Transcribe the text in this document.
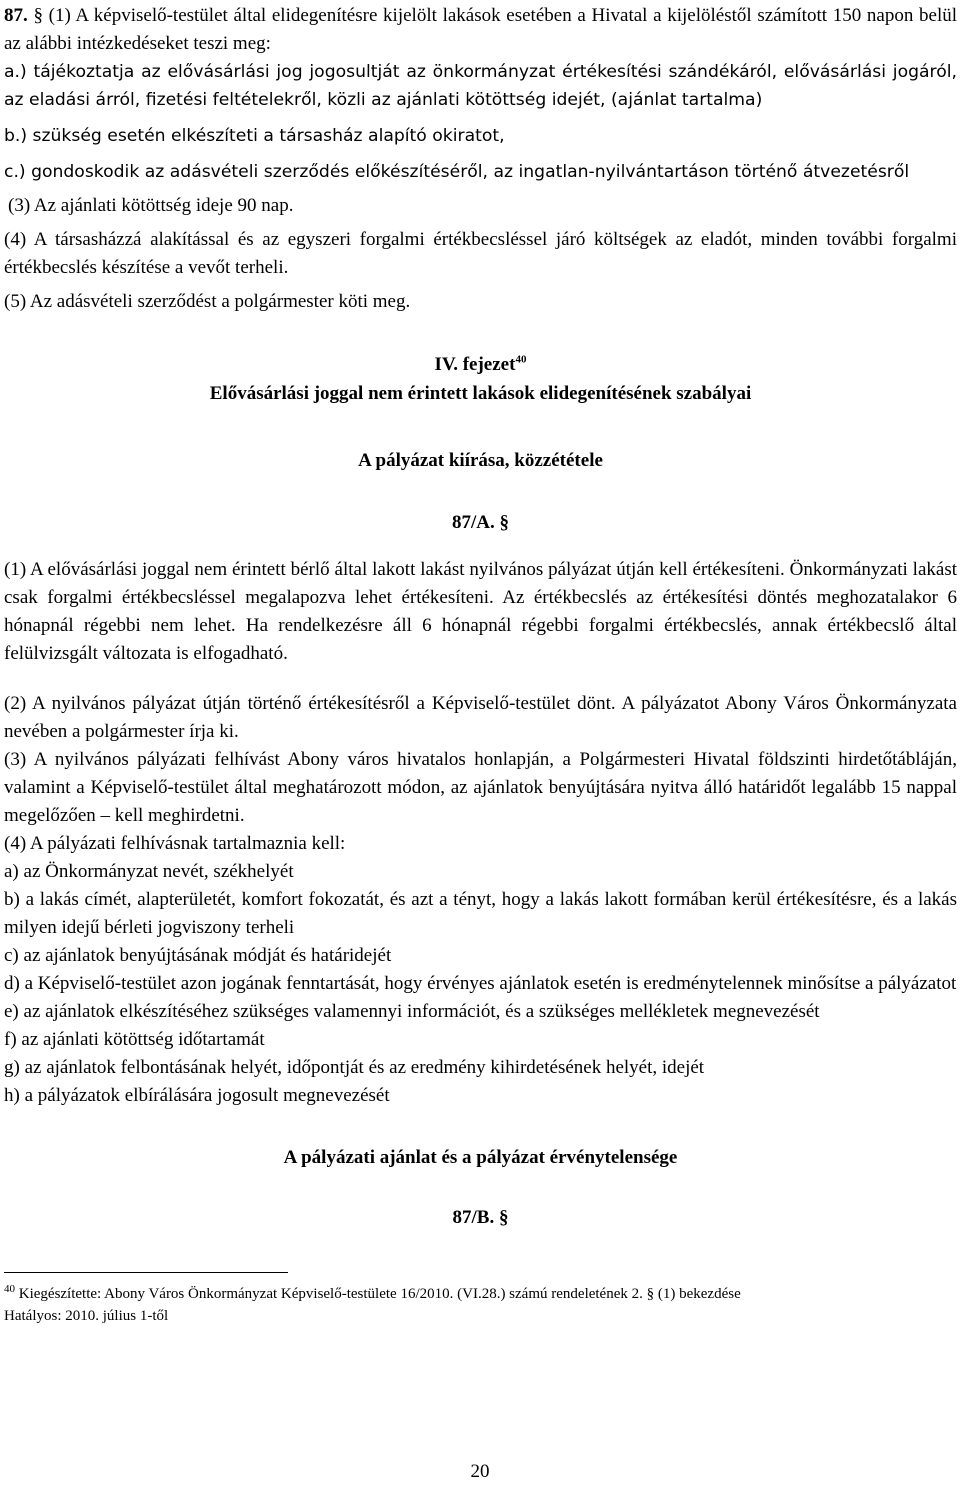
87. § (1) A képviselő-testület által elidegenítésre kijelölt lakások esetében a Hivatal a kijelöléstől számított 150 napon belül az alábbi intézkedéseket teszi meg:

a.) tájékoztatja az elővásárlási jog jogosultját az önkormányzat értékesítési szándékáról, elővásárlási jogáról, az eladási árról, fizetési feltételekről, közli az ajánlati kötöttség idejét, (ajánlat tartalma)

b.) szükség esetén elkészíteti a társasház alapító okiratot,

c.) gondoskodik az adásvételi szerződés előkészítéséről, az ingatlan-nyilvántartáson történő átvezetésről

(3) Az ajánlati kötöttség ideje 90 nap.

(4) A társasházzá alakítással és az egyszeri forgalmi értékbecsléssel járó költségek az eladót, minden további forgalmi értékbecslés készítése a vevőt terheli.

(5) Az adásvételi szerződést a polgármester köti meg.

IV. fejezet$^{40}$

Elővásárlási joggal nem érintett lakások elidegenítésének szabályai

A pályázat kiírása, közzététele

87/A. §

(1) A elővásárlási joggal nem érintett bérlő által lakott lakást nyilvános pályázat útján kell értékesíteni. Önkormányzati lakást csak forgalmi értékbecsléssel megalapozva lehet értékesíteni. Az értékbecslés az értékesítési döntés meghozatalakor 6 hónapnál régebbi nem lehet. Ha rendelkezésre áll 6 hónapnál régebbi forgalmi értékbecslés, annak értékbecslő által felülvizsgált változata is elfogadható.

(2) A nyilvános pályázat útján történő értékesítésről a Képviselő-testület dönt. A pályázatot Abony Város Önkormányzata nevében a polgármester írja ki.

(3) A nyilvános pályázati felhívást Abony város hivatalos honlapján, a Polgármesteri Hivatal földszinti hirdetőtábláján, valamint a Képviselő-testület által meghatározott módon, az ajánlatok benyújtására nyitva álló határidőt legalább 15 nappal megelőzően – kell meghirdetni.

(4) A pályázati felhívásnak tartalmaznia kell:

a) az Önkormányzat nevét, székhelyét

b) a lakás címét, alapterületét, komfort fokozatát, és azt a tényt, hogy a lakás lakott formában kerül értékesítésre, és a lakás milyen idejű bérleti jogviszony terheli

c) az ajánlatok benyújtásának módját és határidejét

d) a Képviselő-testület azon jogának fenntartását, hogy érvényes ajánlatok esetén is eredménytelennek minősítse a pályázatot

e) az ajánlatok elkészítéséhez szükséges valamennyi információt, és a szükséges mellékletek megnevezését

f) az ajánlati kötöttség időtartamát

g) az ajánlatok felbontásának helyét, időpontját és az eredmény kihirdetésének helyét, idejét

h) a pályázatok elbírálására jogosult megnevezését

A pályázati ajánlat és a pályázat érvénytelensége

87/B. §

$^{40}$ Kiegészítette: Abony Város Önkormányzat Képviselő-testülete 16/2010. (VI.28.) számú rendeletének 2. § (1) bekezdése

Hatályos: 2010. július 1-től

20
